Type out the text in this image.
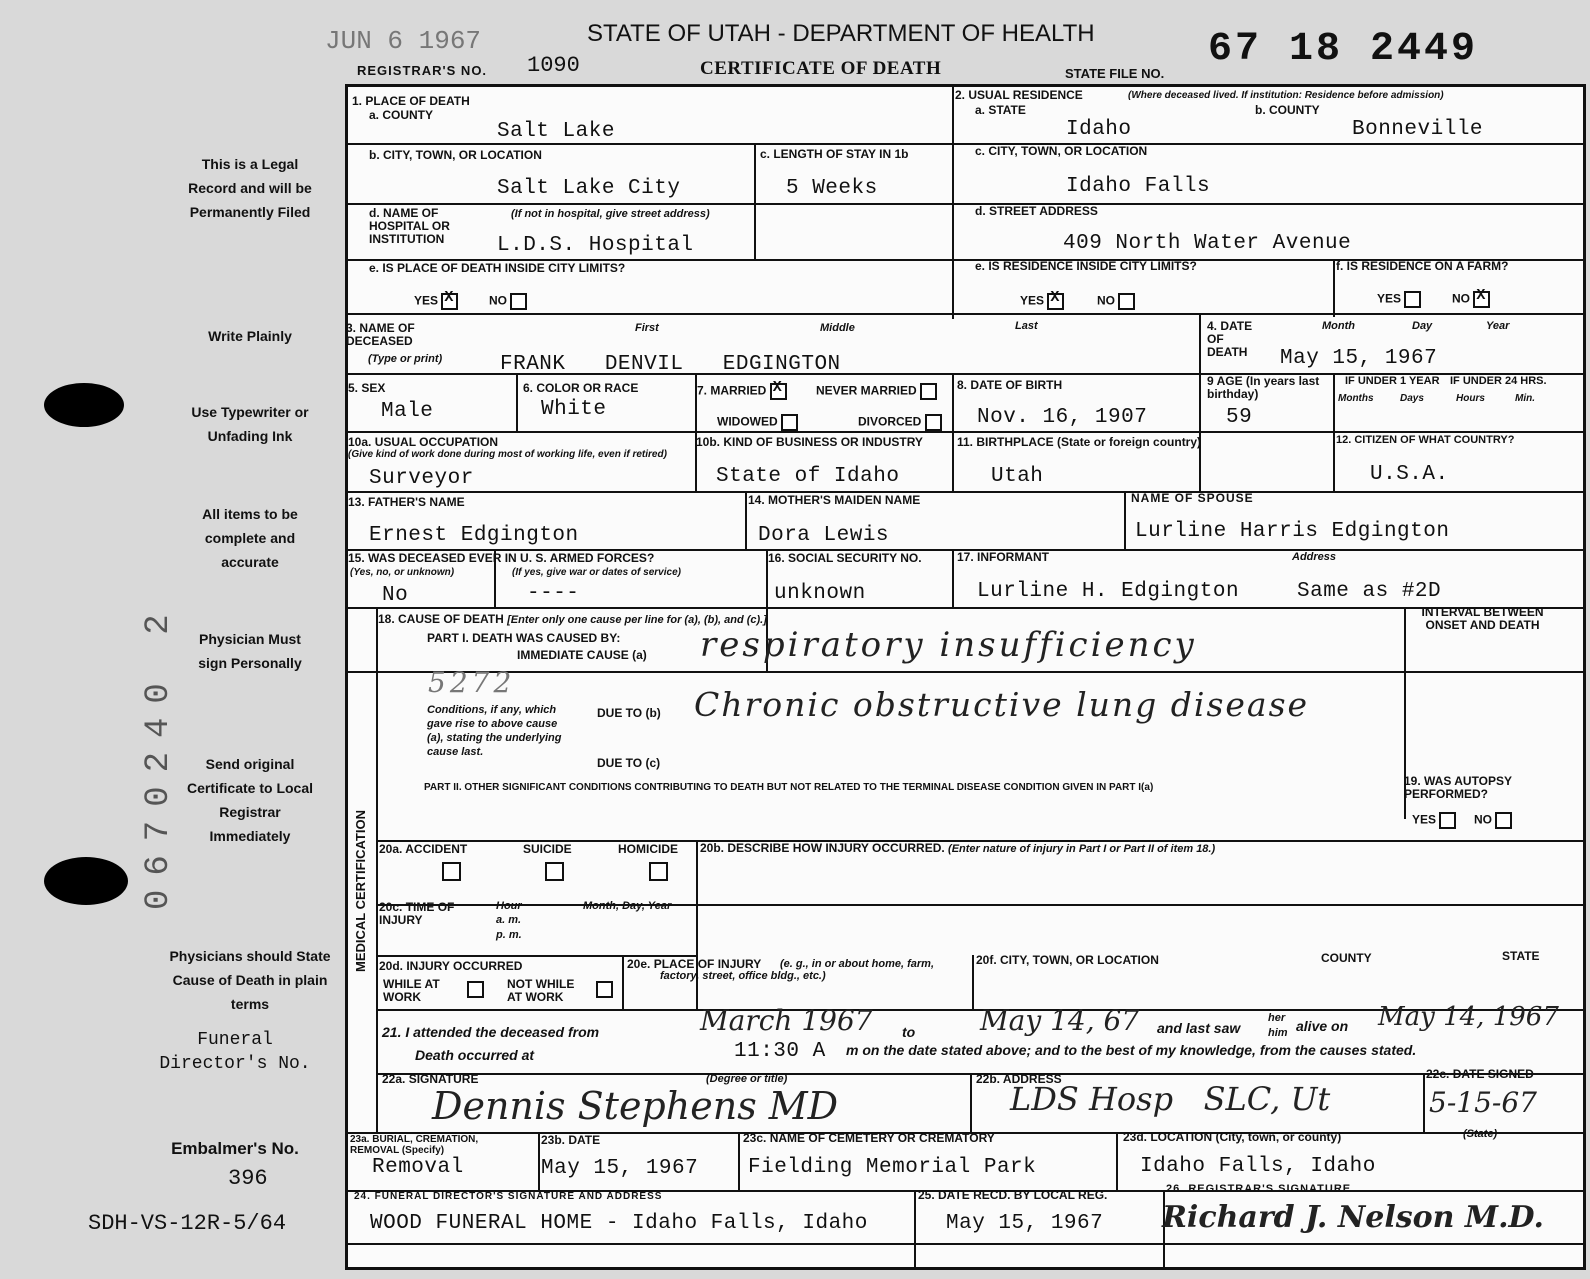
JUN 6 1967	STATE OF UTAH - DEPARTMENT OF HEALTH
REGISTRAR'S NO. 1090	CERTIFICATE OF DEATH	STATE FILE NO.
67 18 2449
This is a Legal Record and will be Permanently Filed
Write Plainly
Use Typewriter or Unfading Ink
All items to be complete and accurate
Physician Must sign Personally
Send original Certificate to Local Registrar Immediately
Physicians should State Cause of Death in plain terms
Funeral Director's No.
Embalmer's No.
396
SDH-VS-12R-5/64
0670240 2
1. PLACE OF DEATH
a. COUNTY
Salt Lake
b. CITY, TOWN, OR LOCATION
Salt Lake City
c. LENGTH OF STAY IN 1b
5 Weeks
d. NAME OF HOSPITAL OR INSTITUTION
(If not in hospital, give street address)
L.D.S. Hospital
e. IS PLACE OF DEATH INSIDE CITY LIMITS?
YES X	NO
2. USUAL RESIDENCE	(Where deceased lived. If institution: Residence before admission)
a. STATE
Idaho
b. COUNTY
Bonneville
c. CITY, TOWN, OR LOCATION
Idaho Falls
d. STREET ADDRESS
409 North Water Avenue
e. IS RESIDENCE INSIDE CITY LIMITS?
YES X	NO
f. IS RESIDENCE ON A FARM?
YES	NO X
3. NAME OF DECEASED
(Type or print)
First	Middle	Last
FRANK   DENVIL   EDGINGTON
4. DATE OF DEATH
Month	Day	Year
May 15, 1967
5. SEX
Male
6. COLOR OR RACE
White
7. MARRIED X	NEVER MARRIED
WIDOWED	DIVORCED
8. DATE OF BIRTH
Nov. 16, 1907
9 AGE (In years last birthday)
59
IF UNDER 1 YEAR IF UNDER 24 HRS.
Months	Days	Hours	Min.
10a. USUAL OCCUPATION
(Give kind of work done during most of working life, even if retired)
Surveyor
10b. KIND OF BUSINESS OR INDUSTRY
State of Idaho
11. BIRTHPLACE (State or foreign country)
Utah
12. CITIZEN OF WHAT COUNTRY?
U.S.A.
13. FATHER'S NAME
Ernest Edgington
14. MOTHER'S MAIDEN NAME
Dora Lewis
NAME OF SPOUSE
Lurline Harris Edgington
15. WAS DECEASED EVER IN U. S. ARMED FORCES?
(Yes, no, or unknown)	(If yes, give war or dates of service)
No	----
16. SOCIAL SECURITY NO.
unknown
17. INFORMANT	Address
Lurline H. Edgington	Same as #2D
MEDICAL CERTIFICATION
18. CAUSE OF DEATH [Enter only one cause per line for (a), (b), and (c).]
PART I. DEATH WAS CAUSED BY:
IMMEDIATE CAUSE (a) respiratory insufficiency
5272
Conditions, if any, which gave rise to above cause (a), stating the underlying cause last.
DUE TO (b) Chronic obstructive lung disease
DUE TO (c)
INTERVAL BETWEEN ONSET AND DEATH
PART II. OTHER SIGNIFICANT CONDITIONS CONTRIBUTING TO DEATH BUT NOT RELATED TO THE TERMINAL DISEASE CONDITION GIVEN IN PART I(a)	19. WAS AUTOPSY PERFORMED?
YES	NO
20a. ACCIDENT	SUICIDE	HOMICIDE 20b. DESCRIBE HOW INJURY OCCURRED. (Enter nature of injury in Part I or Part II of item 18.)
20c. TIME OF INJURY
Hour
a. m.
p. m.
Month, Day, Year
20d. INJURY OCCURRED
WHILE AT WORK
NOT WHILE AT WORK
20e. PLACE OF INJURY	(e. g., in or about home, farm, factory, street, office bldg., etc.)
20f. CITY, TOWN, OR LOCATION	COUNTY	STATE
21. I attended the deceased from	March 1967 to May 14, 67 and last saw
her
him alive on May 14, 1967
Death occurred at	11:30 A m on the date stated above; and to the best of my knowledge, from the causes stated.
22a. SIGNATURE	(Degree or title)
Dennis Stephens MD
22b. ADDRESS
LDS Hosp   SLC, Ut
22c. DATE SIGNED
5-15-67
23a. BURIAL, CREMATION, REMOVAL (Specify)
Removal
23b. DATE
May 15, 1967
23c. NAME OF CEMETERY OR CREMATORY
Fielding Memorial Park
23d. LOCATION (City, town, or county)	(State)
Idaho Falls, Idaho
24. FUNERAL DIRECTOR'S SIGNATURE AND ADDRESS
WOOD FUNERAL HOME - Idaho Falls, Idaho
25. DATE RECD. BY LOCAL REG.
May 15, 1967
26. REGISTRAR'S SIGNATURE
Richard J. Nelson M.D.
